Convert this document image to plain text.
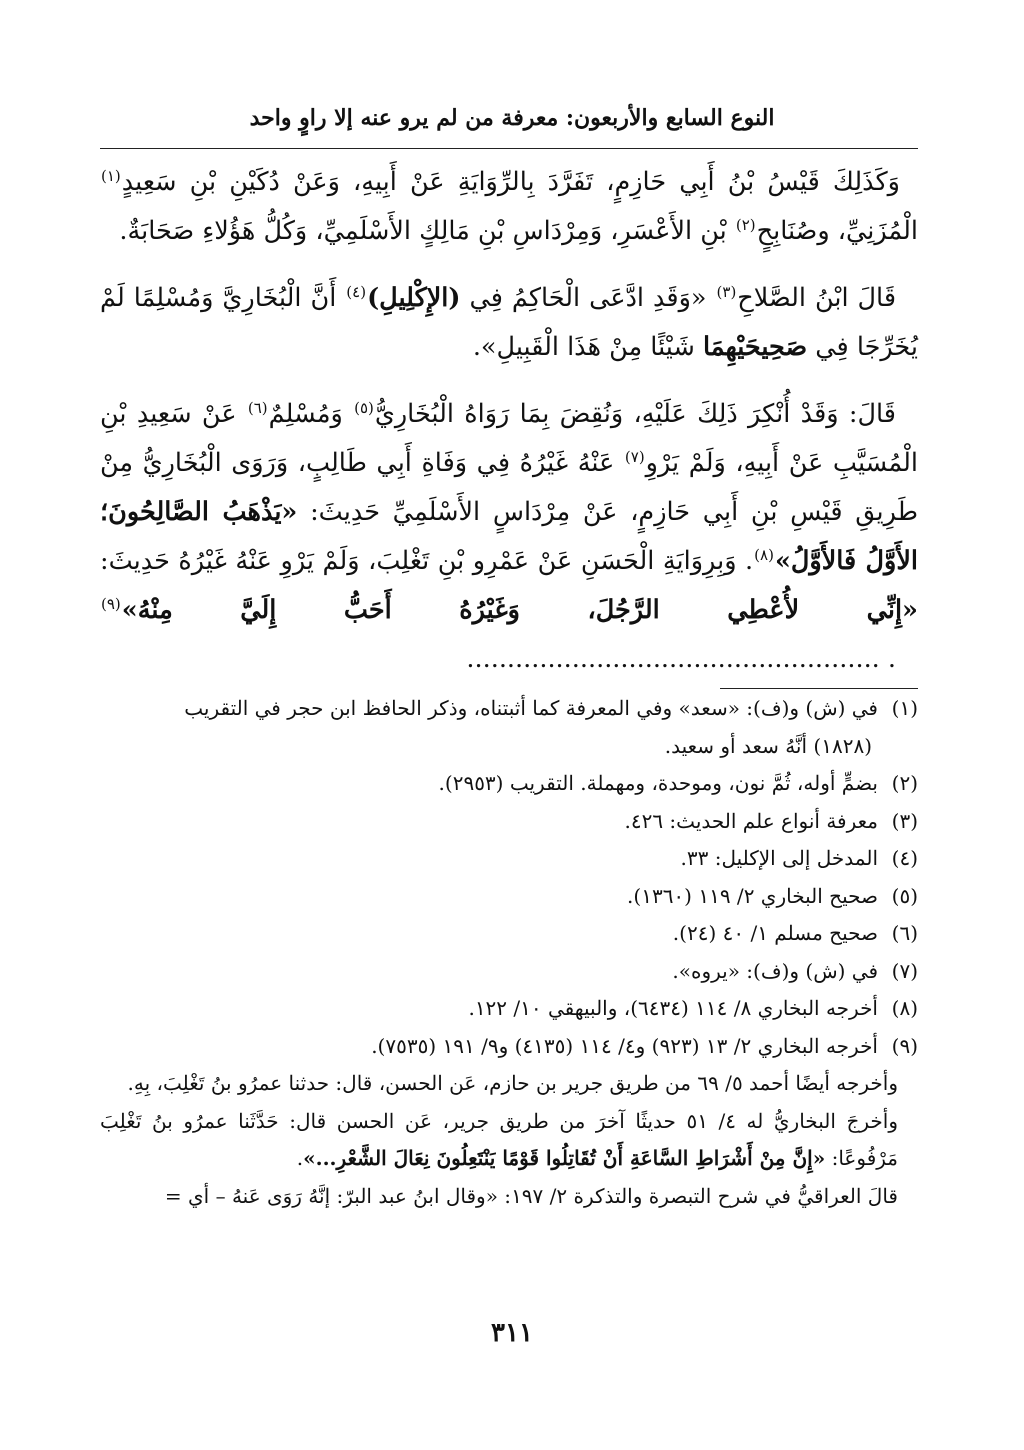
النوع السابع والأربعون: معرفة من لم يرو عنه إلا راوٍ واحد

وَكَذَلِكَ قَيْسُ بْنُ أَبِي حَازِمٍ، تَفَرَّدَ بِالرِّوَايَةِ عَنْ أَبِيهِ، وَعَنْ دُكَيْنِ بْنِ سَعِيدٍ$^{(١)}$ الْمُزَنِيِّ، وصُنَابِحٍ$^{(٢)}$ بْنِ الأَعْسَرِ، وَمِرْدَاسِ بْنِ مَالِكٍ الأَسْلَمِيِّ، وَكُلُّ هَؤُلاءِ صَحَابَةٌ.

قَالَ ابْنُ الصَّلاحِ$^{(٣)}$ «وَقَدِ ادَّعَى الْحَاكِمُ فِي (الإِكْلِيلِ)$^{(٤)}$ أَنَّ الْبُخَارِيَّ وَمُسْلِمًا لَمْ يُخَرِّجَا فِي صَحِيحَيْهِمَا شَيْئًا مِنْ هَذَا الْقَبِيلِ».

قَالَ: وَقَدْ أُنْكِرَ ذَلِكَ عَلَيْهِ، وَنُقِضَ بِمَا رَوَاهُ الْبُخَارِيُّ$^{(٥)}$ وَمُسْلِمٌ$^{(٦)}$ عَنْ سَعِيدِ بْنِ الْمُسَيَّبِ عَنْ أَبِيهِ، وَلَمْ يَرْوِ$^{(٧)}$ عَنْهُ غَيْرُهُ فِي وَفَاةِ أَبِي طَالِبٍ، وَرَوَى الْبُخَارِيُّ مِنْ طَرِيقِ قَيْسِ بْنِ أَبِي حَازِمٍ، عَنْ مِرْدَاسٍ الأَسْلَمِيِّ حَدِيثَ: «يَذْهَبُ الصَّالِحُونَ؛ الأَوَّلُ فَالأَوَّلُ»$^{(٨)}$. وَبِرِوَايَةِ الْحَسَنِ عَنْ عَمْرِو بْنِ تَغْلِبَ، وَلَمْ يَرْوِ عَنْهُ غَيْرُهُ حَدِيثَ: «إِنِّي لأُعْطِي الرَّجُلَ، وَغَيْرُهُ أَحَبُّ إِلَيَّ مِنْهُ»$^{(٩)}$ . ...................................................

(١)في (ش) و(ف): «سعد» وفي المعرفة كما أثبتناه، وذكر الحافظ ابن حجر في التقريب
(١٨٢٨) أنَّهُ سعد أو سعيد.
(٢)بضمٍّ أوله، ثُمَّ نون، وموحدة، ومهملة. التقريب (٢٩٥٣).
(٣)معرفة أنواع علم الحديث: ٤٢٦.
(٤)المدخل إلى الإكليل: ٣٣.
(٥)صحيح البخاري ٢/ ١١٩ (١٣٦٠).
(٦)صحيح مسلم ١/ ٤٠ (٢٤).
(٧)في (ش) و(ف): «يروه».
(٨)أخرجه البخاري ٨/ ١١٤ (٦٤٣٤)، والبيهقي ١٠/ ١٢٢.
(٩)أخرجه البخاري ٢/ ١٣ (٩٢٣) و٤/ ١١٤ (٤١٣٥) و٩/ ١٩١ (٧٥٣٥).
وأخرجه أيضًا أحمد ٥/ ٦٩ من طريق جرير بن حازم، عَن الحسن، قال: حدثنا عمرُو بنُ تَغْلِبَ، بِهِ.
وأخرجَ البخاريُّ له ٤/ ٥١ حديثًا آخرَ من طريق جرير، عَن الحسن قال: حَدَّثَنا عمرُو بنُ تَغْلِبَ مَرْفُوعًا: «إِنَّ مِنْ أَشْرَاطِ السَّاعَةِ أَنْ تُقَاتِلُوا قَوْمًا يَنْتَعِلُونَ نِعَالَ الشَّعْرِ...».
قالَ العراقيُّ في شرح التبصرة والتذكرة ٢/ ١٩٧: «وقال ابنُ عبد البرّ: إنَّهُ رَوَى عَنهُ – أي =
٣١١
